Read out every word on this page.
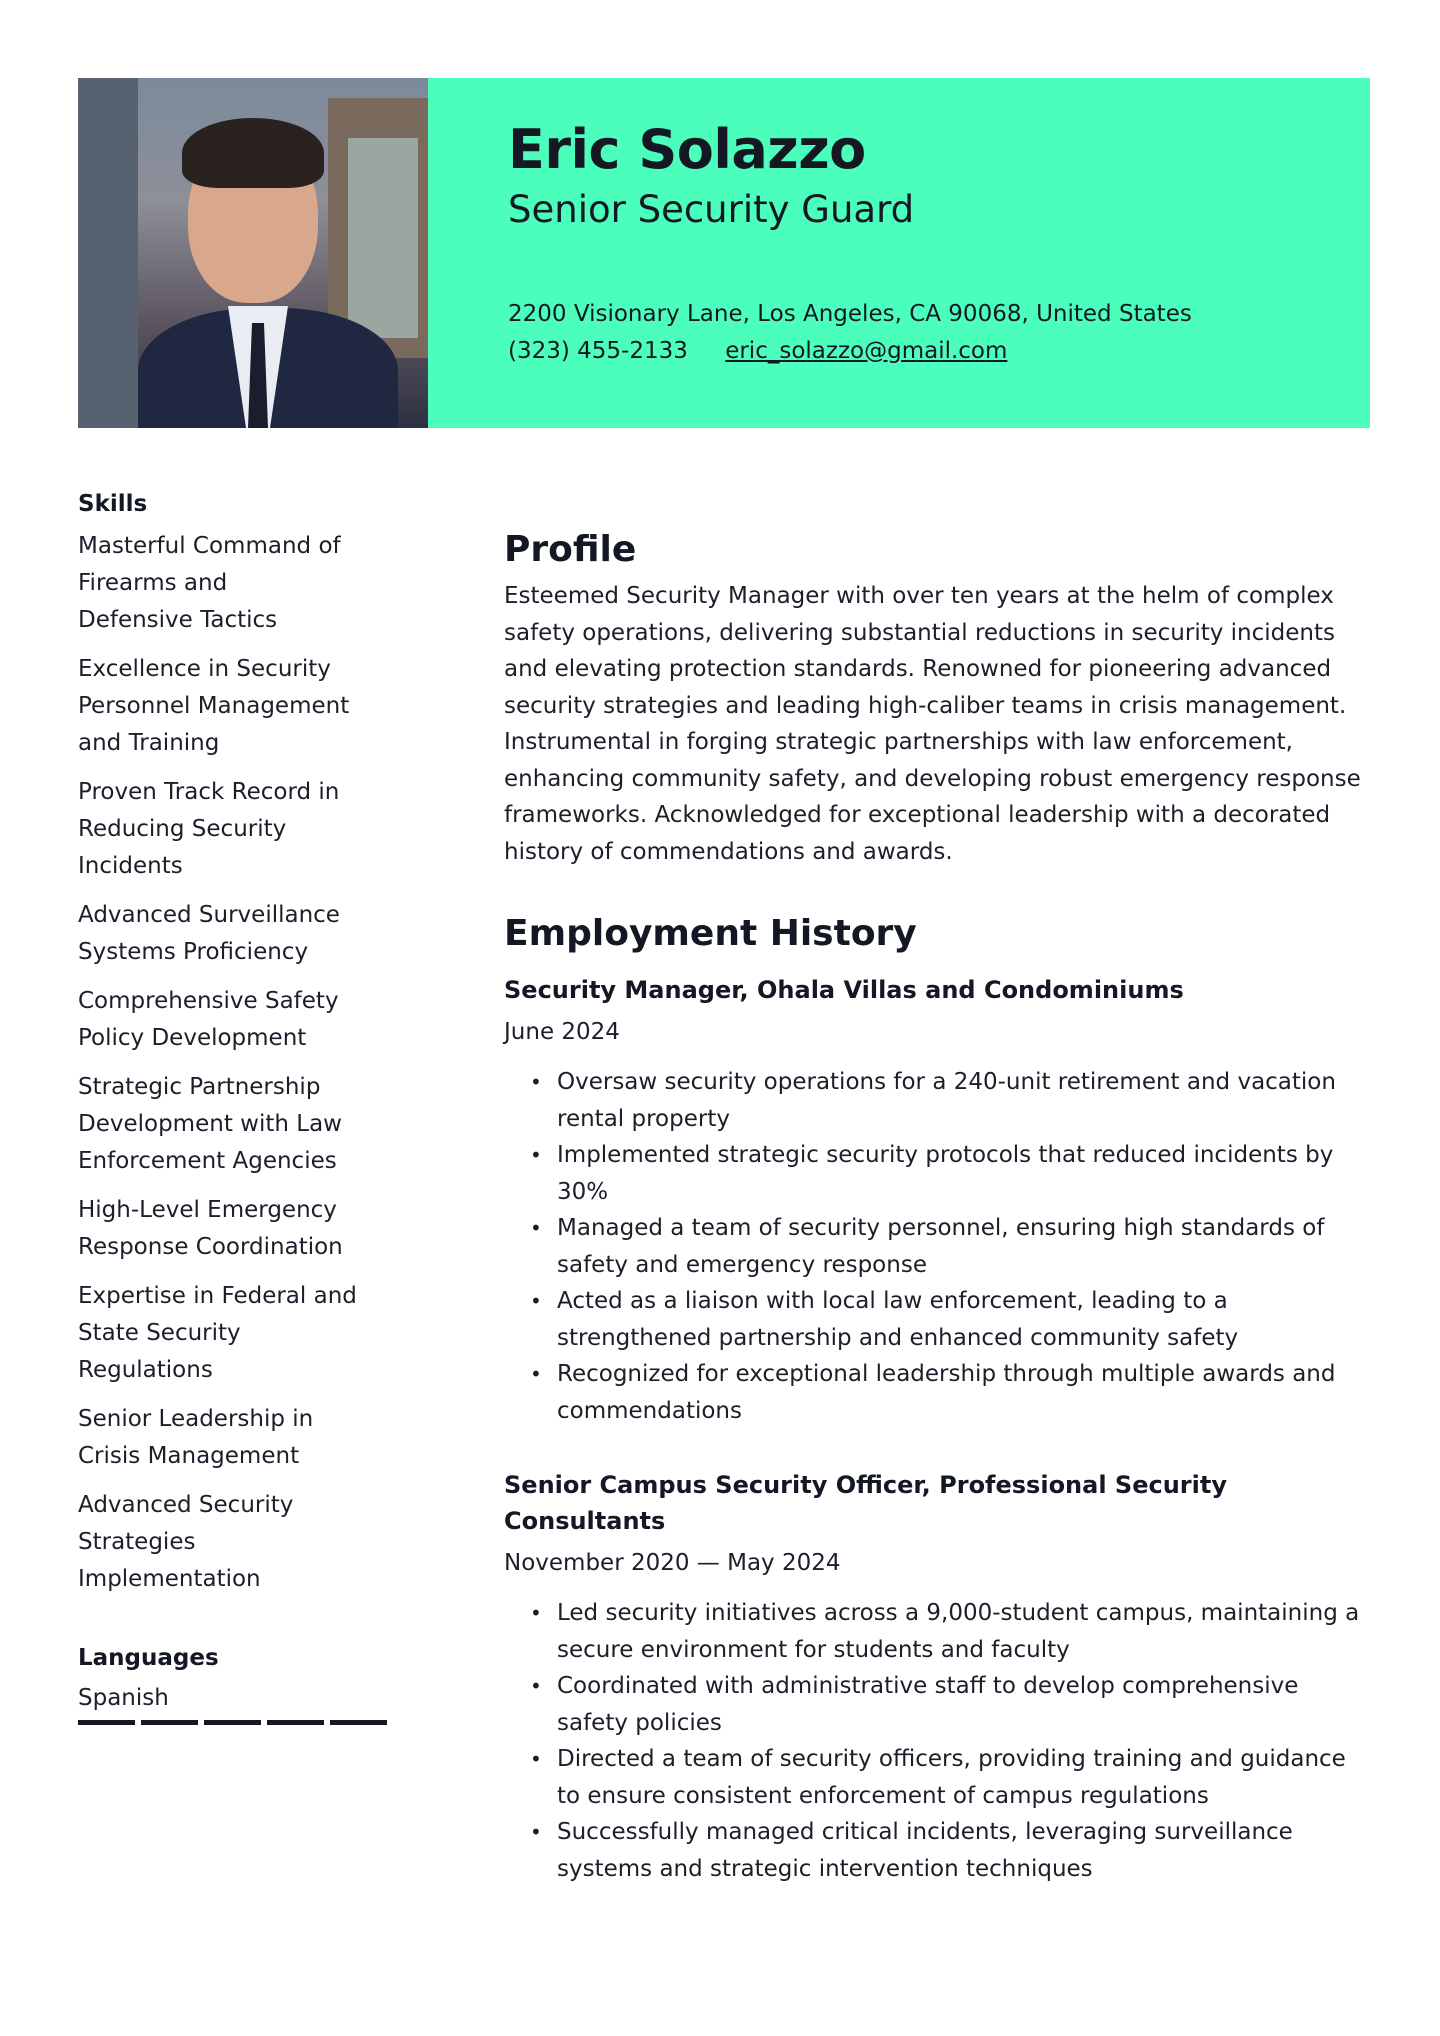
Eric Solazzo
Senior Security Guard
2200 Visionary Lane, Los Angeles, CA 90068, United States
(323) 455-2133 eric_solazzo@gmail.com
Skills
Masterful Command of Firearms and Defensive Tactics
Excellence in Security Personnel Management and Training
Proven Track Record in Reducing Security Incidents
Advanced Surveillance Systems Proficiency
Comprehensive Safety Policy Development
Strategic Partnership Development with Law Enforcement Agencies
High-Level Emergency Response Coordination
Expertise in Federal and State Security Regulations
Senior Leadership in Crisis Management
Advanced Security Strategies Implementation
Languages
Spanish
Profile
Esteemed Security Manager with over ten years at the helm of complex safety operations, delivering substantial reductions in security incidents and elevating protection standards. Renowned for pioneering advanced security strategies and leading high-caliber teams in crisis management. Instrumental in forging strategic partnerships with law enforcement, enhancing community safety, and developing robust emergency response frameworks. Acknowledged for exceptional leadership with a decorated history of commendations and awards.
Employment History
Security Manager, Ohala Villas and Condominiums
June 2024
• Oversaw security operations for a 240-unit retirement and vacation rental property
• Implemented strategic security protocols that reduced incidents by 30%
• Managed a team of security personnel, ensuring high standards of safety and emergency response
• Acted as a liaison with local law enforcement, leading to a strengthened partnership and enhanced community safety
• Recognized for exceptional leadership through multiple awards and commendations
Senior Campus Security Officer, Professional Security Consultants
November 2020 — May 2024
• Led security initiatives across a 9,000-student campus, maintaining a secure environment for students and faculty
• Coordinated with administrative staff to develop comprehensive safety policies
• Directed a team of security officers, providing training and guidance to ensure consistent enforcement of campus regulations
• Successfully managed critical incidents, leveraging surveillance systems and strategic intervention techniques
